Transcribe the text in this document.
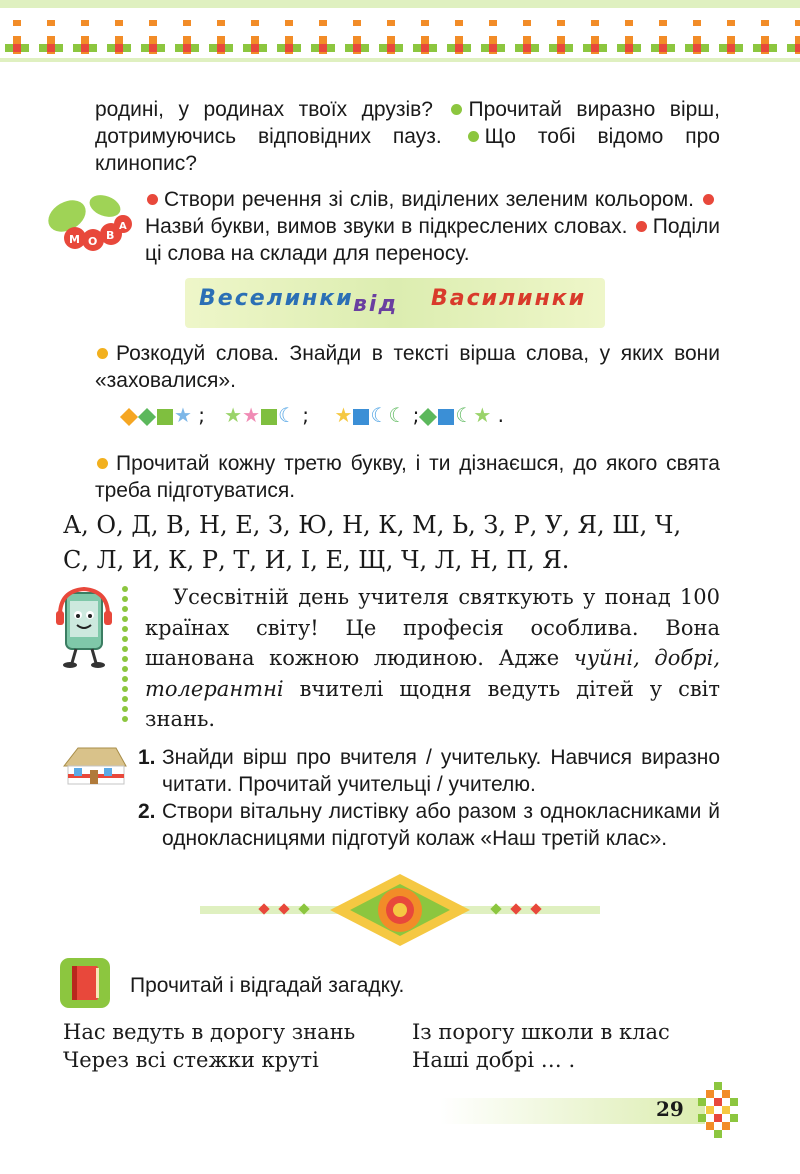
родині, у родинах твоїх друзів? Прочитай виразно вірш, дотримуючись відповідних пауз. Що тобі відомо про клинопис?
М О В
А
Створи речення зі слів, виділених зеленим кольором. Назви́ букви, вимов звуки в підкреслених словах. Поділи ці слова на склади для переносу.
Веселинки від Василинки
Розкодуй слова. Знайди в тексті вірша слова, у яких вони «заховалися».
★ ; ★★ ☾ ; ★ ☾☾ ; ☾★ .
Прочитай кожну третю букву, і ти дізнаєшся, до якого свята треба підготуватися.
А, О, Д, В, Н, Е, З, Ю, Н, К, М, Ь, З, Р, У, Я, Ш, Ч,
С, Л, И, К, Р, Т, И, І, Е, Щ, Ч, Л, Н, П, Я.
Усесвітній день учителя святкують у понад 100 країнах світу! Це професія особлива. Вона шанована кожною людиною. Адже чуйні, добрі, толерантні вчителі щодня ведуть дітей у світ знань.
1. Знайди вірш про вчителя / учительку. Навчися виразно читати. Прочитай учительці / учителю.
2. Створи вітальну листівку або разом з однокласниками й однокласницями підготуй колаж «Наш третій клас».
Прочитай і відгадай загадку.
Нас ведуть в дорогу знань
Через всі стежки круті
Із порогу школи в клас
Наші добрі … .
29
